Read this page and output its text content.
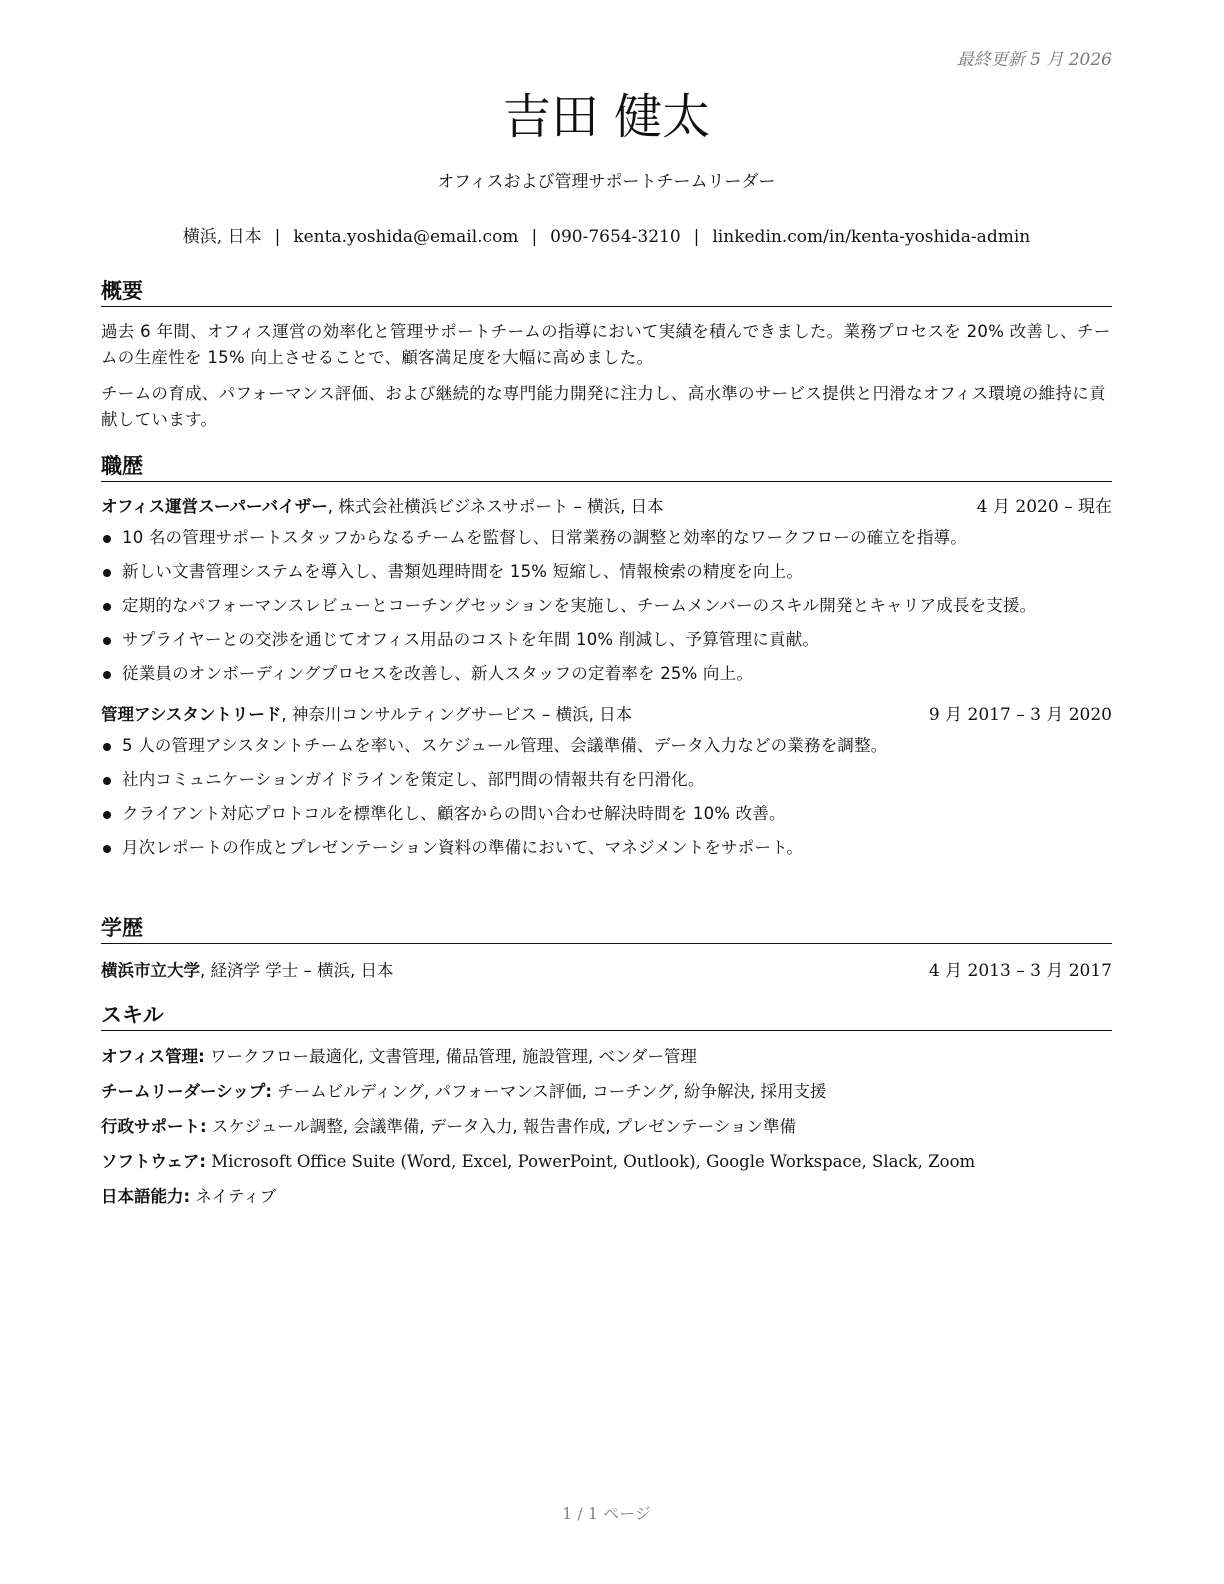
最終更新 5 月 2026
吉田 健太
オフィスおよび管理サポートチームリーダー
横浜, 日本 | kenta.yoshida@email.com | 090-7654-3210 | linkedin.com/in/kenta-yoshida-admin
概要

過去 6 年間、オフィス運営の効率化と管理サポートチームの指導において実績を積んできました。業務プロセスを 20% 改善し、チームの生産性を 15% 向上させることで、顧客満足度を大幅に高めました。

チームの育成、パフォーマンス評価、および継続的な専門能力開発に注力し、高水準のサービス提供と円滑なオフィス環境の維持に貢献しています。

職歴
オフィス運営スーパーバイザー, 株式会社横浜ビジネスサポート – 横浜, 日本	4 月 2020 – 現在
10 名の管理サポートスタッフからなるチームを監督し、日常業務の調整と効率的なワークフローの確立を指導。
新しい文書管理システムを導入し、書類処理時間を 15% 短縮し、情報検索の精度を向上。
定期的なパフォーマンスレビューとコーチングセッションを実施し、チームメンバーのスキル開発とキャリア成長を支援。
サプライヤーとの交渉を通じてオフィス用品のコストを年間 10% 削減し、予算管理に貢献。
従業員のオンボーディングプロセスを改善し、新人スタッフの定着率を 25% 向上。
管理アシスタントリード, 神奈川コンサルティングサービス – 横浜, 日本	9 月 2017 – 3 月 2020
5 人の管理アシスタントチームを率い、スケジュール管理、会議準備、データ入力などの業務を調整。
社内コミュニケーションガイドラインを策定し、部門間の情報共有を円滑化。
クライアント対応プロトコルを標準化し、顧客からの問い合わせ解決時間を 10% 改善。
月次レポートの作成とプレゼンテーション資料の準備において、マネジメントをサポート。
学歴
横浜市立大学, 経済学 学士 – 横浜, 日本	4 月 2013 – 3 月 2017
スキル
オフィス管理: ワークフロー最適化, 文書管理, 備品管理, 施設管理, ベンダー管理
チームリーダーシップ: チームビルディング, パフォーマンス評価, コーチング, 紛争解決, 採用支援
行政サポート: スケジュール調整, 会議準備, データ入力, 報告書作成, プレゼンテーション準備
ソフトウェア: Microsoft Office Suite (Word, Excel, PowerPoint, Outlook), Google Workspace, Slack, Zoom
日本語能力: ネイティブ
1 / 1 ページ
